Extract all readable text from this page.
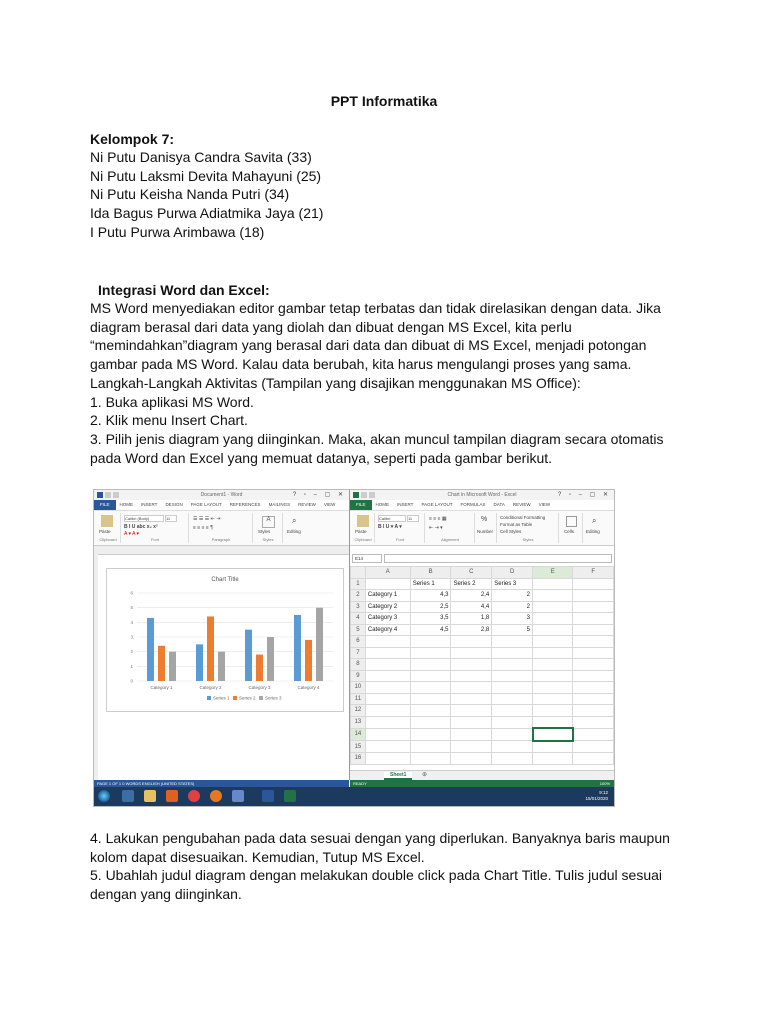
PPT Informatika
Kelompok 7:
Ni Putu Danisya Candra Savita (33)
Ni Putu Laksmi Devita Mahayuni (25)
Ni Putu Keisha Nanda Putri (34)
Ida Bagus Purwa Adiatmika Jaya (21)
I Putu Purwa Arimbawa (18)
Integrasi Word dan Excel:
MS Word menyediakan editor gambar tetap terbatas dan tidak direlasikan dengan data. Jika
diagram berasal dari data yang diolah dan dibuat dengan MS Excel, kita perlu
“memindahkan”diagram yang berasal dari data dan dibuat di MS Excel, menjadi potongan
gambar pada MS Word. Kalau data berubah, kita harus mengulangi proses yang sama.
Langkah-Langkah Aktivitas (Tampilan yang disajikan menggunakan MS Office):
1. Buka aplikasi MS Word.
2. Klik menu Insert Chart.
3. Pilih jenis diagram yang diinginkan. Maka, akan muncul tampilan diagram secara otomatis
pada Word dan Excel yang memuat datanya, seperti pada gambar berikut.
Document1 - Word	? ▫ – ▢ ✕
FILE HOME INSERT DESIGN PAGE LAYOUT REFERENCES MAILINGS REVIEW VIEW
Paste
Clipboard
Calibri (Body)	11
B I U abc x₂ x²
A ▾ A ▾
Font
☰ ☰ ☰ ⇤ ⇥
≡ ≡ ≡ ≡ ¶
Paragraph
A
Styles
Styles
⌕
Editing
Chart Title
0
1
2
3
4
5
6
Category 1	Category 2	Category 3	Category 4
Series 1 Series 2 Series 3
Chart in Microsoft Word - Excel	? ▫ – ▢ ✕
FILE HOME INSERT PAGE LAYOUT FORMULAS DATA REVIEW VIEW
Paste
Clipboard
Calibri	11
B I U ▾ A ▾
Font
≡ ≡ ≡ ▦
⇤ ⇥ ▾
Alignment
%
Number
Conditional Formatting
Format as Table
Cell Styles
Styles
Cells
⌕
Editing
E14
	A	B	C	D	E	F
1		Series 1	Series 2	Series 3		
2	Category 1	4,3	2,4	2		
3	Category 2	2,5	4,4	2		
4	Category 3	3,5	1,8	3		
5	Category 4	4,5	2,8	5		
6						
7						
8						
9						
10						
11						
12						
13						
14						
15						
16						
Sheet1	⊕
PAGE 1 OF 1 0 WORDS ENGLISH (UNITED STATES)	READY	100%
9:12
15/01/2020
4. Lakukan pengubahan pada data sesuai dengan yang diperlukan. Banyaknya baris maupun
kolom dapat disesuaikan. Kemudian, Tutup MS Excel.
5. Ubahlah judul diagram dengan melakukan double click pada Chart Title. Tulis judul sesuai
dengan yang diinginkan.
